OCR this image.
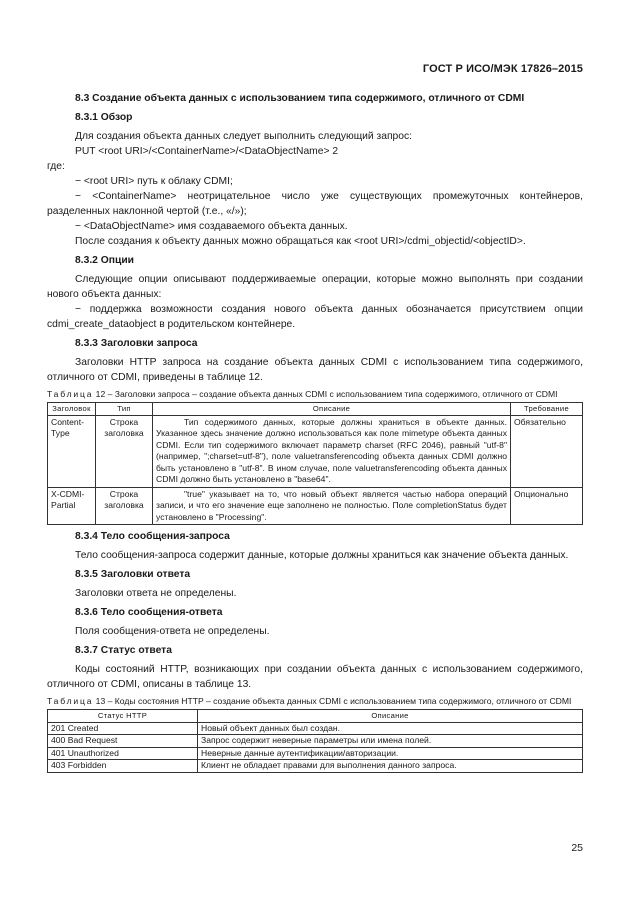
ГОСТ Р ИСО/МЭК 17826–2015
8.3 Создание объекта данных с использованием типа содержимого, отличного от CDMI
8.3.1 Обзор

Для создания объекта данных следует выполнить следующий запрос:

PUT <root URI>/<ContainerName>/<DataObjectName> 2

где:

− <root URI> путь к облаку CDMI;

− <ContainerName> неотрицательное число уже существующих промежуточных контейнеров, разделенных наклонной чертой (т.е., «/»);

− <DataObjectName> имя создаваемого объекта данных.

После создания к объекту данных можно обращаться как <root URI>/cdmi_objectid/<objectID>.

8.3.2 Опции

Следующие опции описывают поддерживаемые операции, которые можно выполнять при создании нового объекта данных:

− поддержка возможности создания нового объекта данных обозначается присутствием опции cdmi_create_dataobject в родительском контейнере.

8.3.3 Заголовки запроса

Заголовки HTTP запроса на создание объекта данных CDMI с использованием типа содержимого, отличного от CDMI, приведены в таблице 12.

Таблица 12 – Заголовки запроса – создание объекта данных CDMI с использованием типа содержимого, отличного от CDMI
Заголовок	Тип	Описание	Требование
Content-Type	Строка заголовка	Тип содержимого данных, которые должны храниться в объекте данных. Указанное здесь значение должно использоваться как поле mimetype объекта данных CDMI. Если тип содержимого включает параметр charset (RFC 2046), равный "utf-8" (например, ";charset=utf-8"), поле valuetransferencoding объекта данных CDMI должно быть установлено в "utf-8". В ином случае, поле valuetransferencoding объекта данных CDMI должно быть установлено в "base64".	Обязательно
X-CDMI-Partial	Строка заголовка	"true" указывает на то, что новый объект является частью набора операций записи, и что его значение еще заполнено не полностью. Поле completionStatus будет установлено в "Processing".	Опционально
8.3.4 Тело сообщения-запроса

Тело сообщения-запроса содержит данные, которые должны храниться как значение объекта данных.

8.3.5 Заголовки ответа

Заголовки ответа не определены.

8.3.6 Тело сообщения-ответа

Поля сообщения-ответа не определены.

8.3.7 Статус ответа

Коды состояний HTTP, возникающих при создании объекта данных с использованием содержимого, отличного от CDMI, описаны в таблице 13.

Таблица 13 – Коды состояния HTTP – создание объекта данных CDMI с использованием типа содержимого, отличного от CDMI
Статус HTTP	Описание
201 Created	Новый объект данных был создан.
400 Bad Request	Запрос содержит неверные параметры или имена полей.
401 Unauthorized	Неверные данные аутентификации/авторизации.
403 Forbidden	Клиент не обладает правами для выполнения данного запроса.
25
